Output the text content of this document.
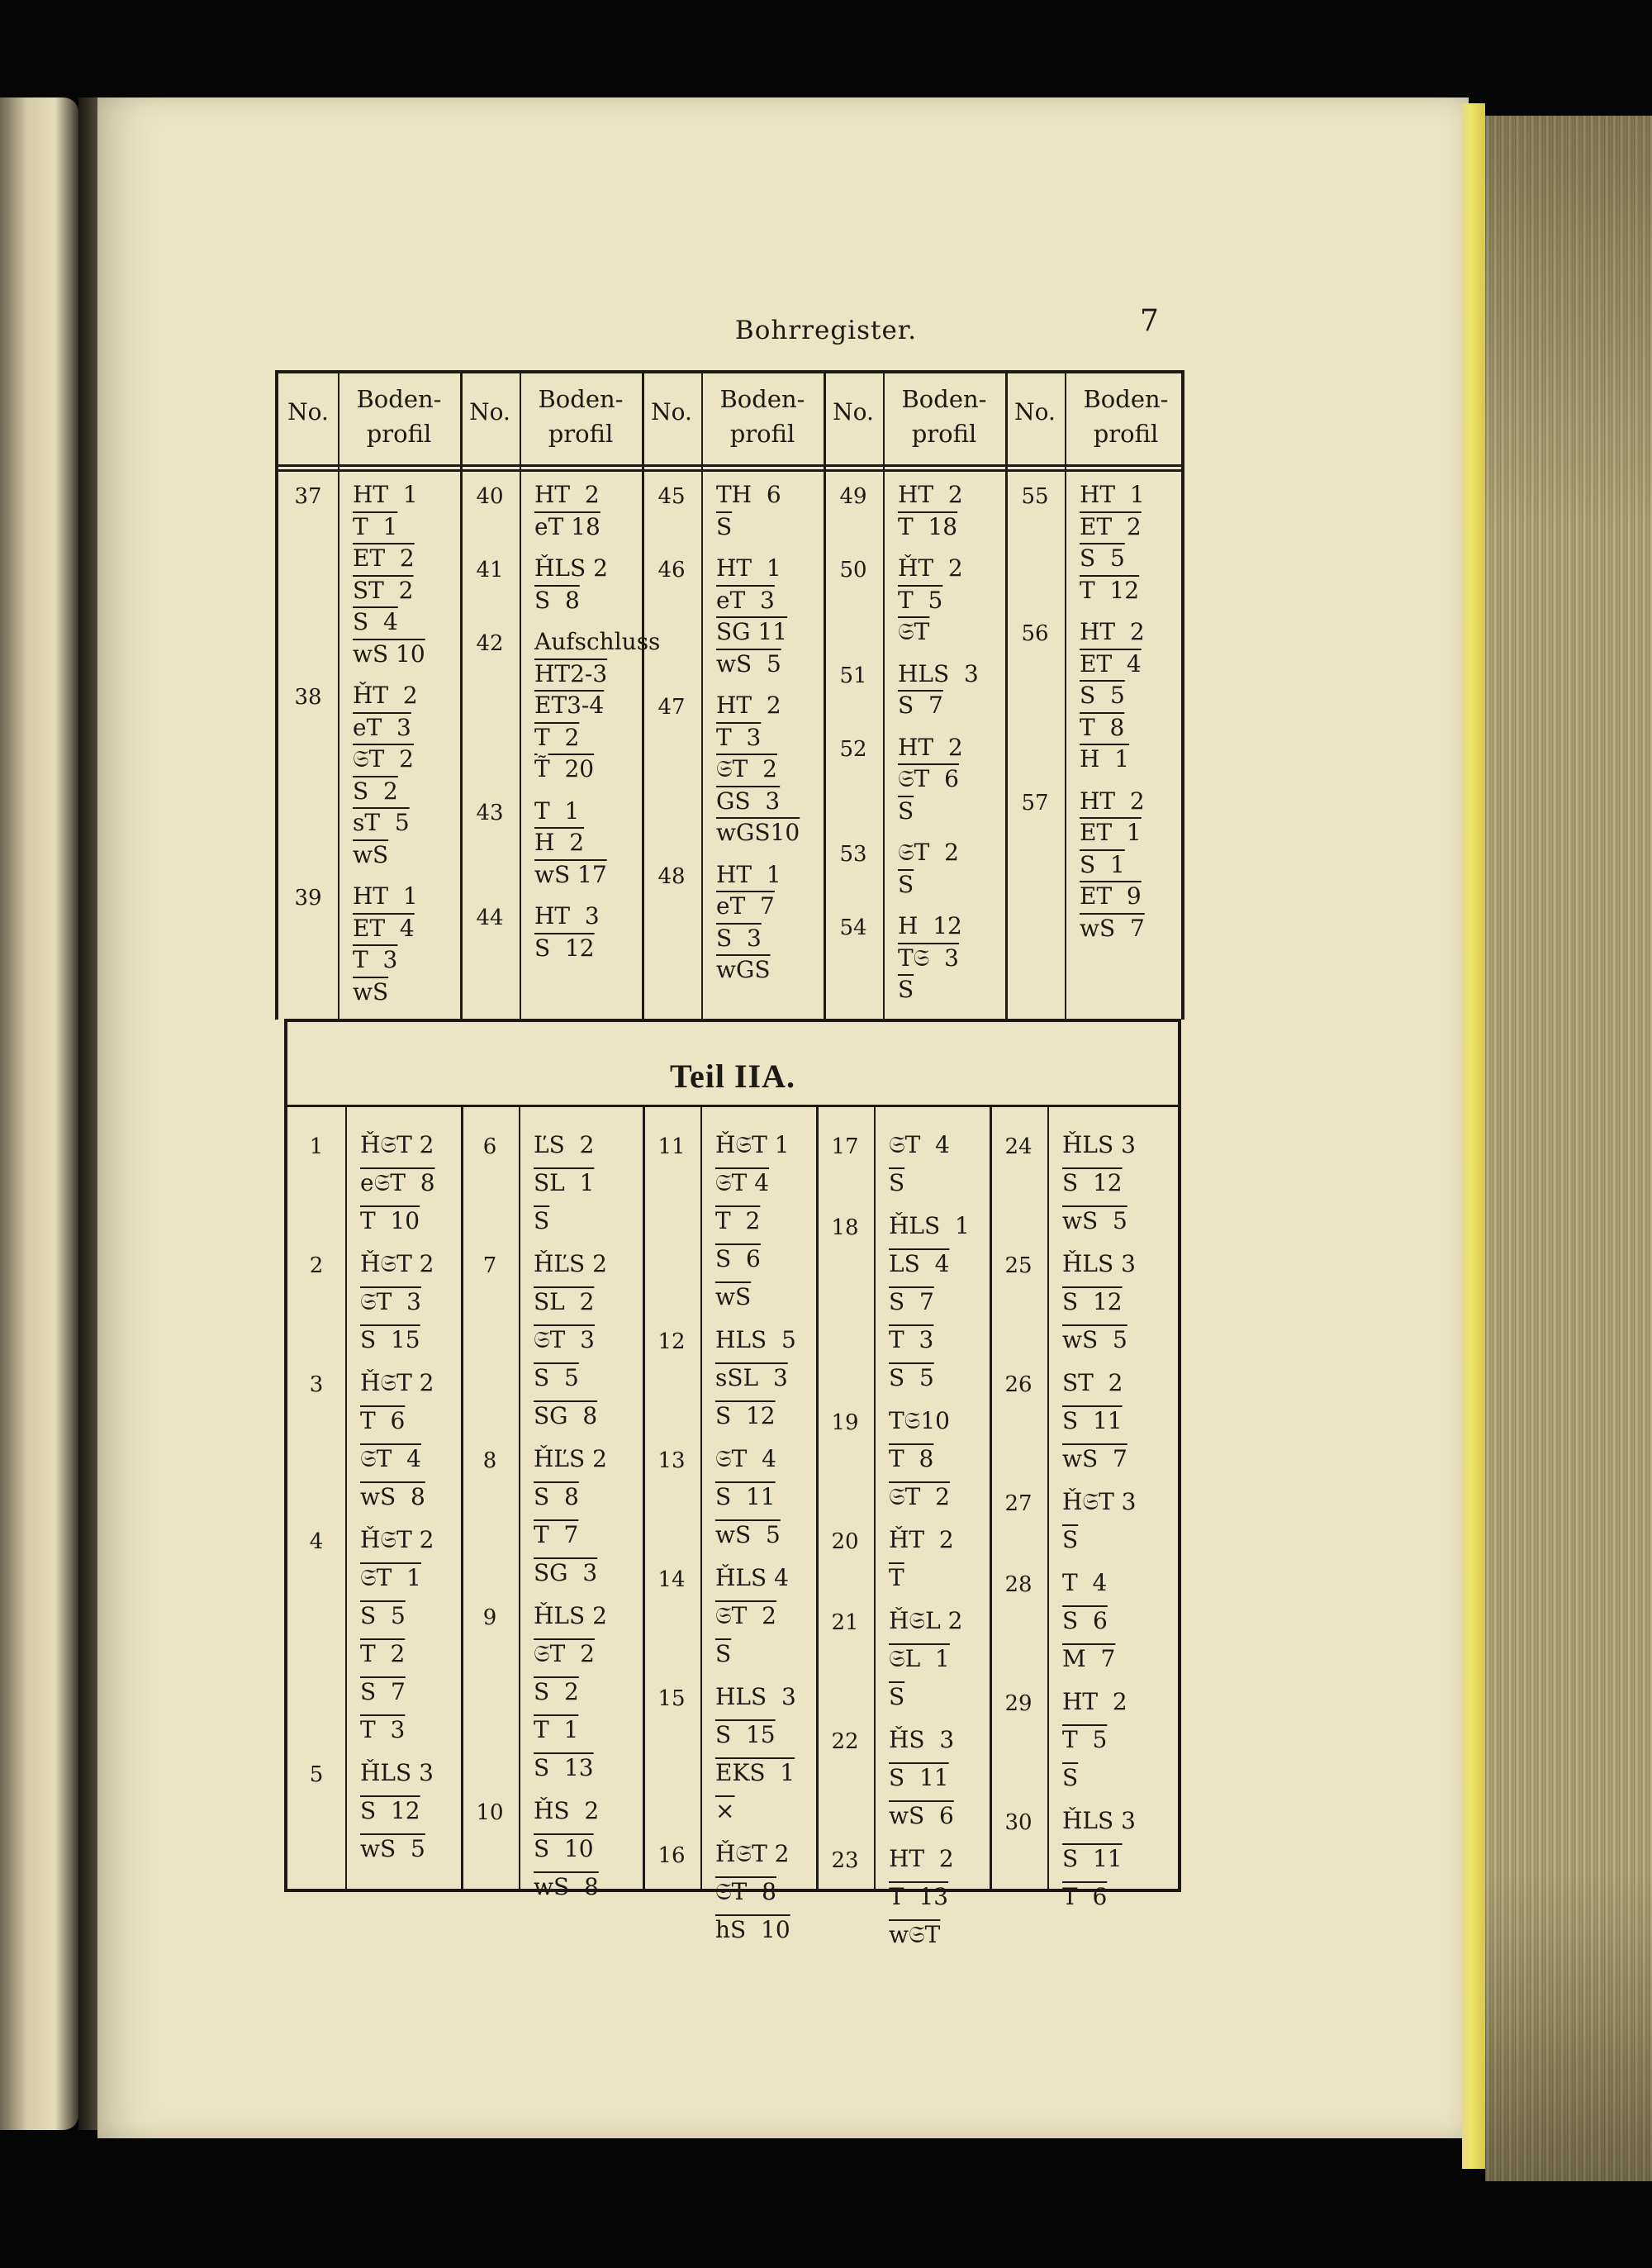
Bohrregister.	7
No.	Boden-
profil
No.	Boden-
profil
No.	Boden-
profil
No.	Boden-
profil
No.	Boden-
profil
37	HT  1
T  1
ET  2
ST  2
S  4
wS 10
38	ȞT  2
eT  3
𝔖T  2
S  2
sT  5
$\overline{wS}$
39	HT  1
ET  4
T  3
$\overline{wS}$
40	HT  2
eT 18
41	ȞLS 2
S  8
42	Aufschluss
HT2-3
ET3-4
T  2
T̃  20
43	T  1
H  2
wS 17
44	HT  3
S  12
45	TH  6
$\overline{S}$
46	HT  1
eT  3
SG 11
wS  5
47	HT  2
T  3
𝔖T  2
GS  3
wGS10
48	HT  1
eT  7
S  3
$\overline{wGS}$
49	HT  2
T  18
50	ȞT  2
T  5
𝔖T
51	HLS  3
S  7
52	HT  2
𝔖T  6
$\overline{S}$
53	𝔖T  2
$\overline{S}$
54	H  12
T𝔖  3
$\overline{S}$
55	HT  1
ET  2
S  5
T  12
56	HT  2
ET  4
S  5
T  8
H  1
57	HT  2
ET  1
S  1
ET  9
wS  7
Teil IIA.
1	Ȟ𝔖T 2
e𝔖T  8
T  10
2	Ȟ𝔖T 2
𝔖T  3
S  15
3	Ȟ𝔖T 2
T  6
𝔖T  4
wS  8
4	Ȟ𝔖T 2
𝔖T  1
S  5
T  2
S  7
T  3
5	ȞLS 3
S  12
wS  5
6	ĽS  2
SL  1
$\overline{S}$
7	ȞĽS 2
SL  2
𝔖T  3
S  5
SG  8
8	ȞĽS 2
S  8
T  7
SG  3
9	ȞLS 2
𝔖T  2
S  2
T  1
S  13
10	ȞS  2
S  10
wS  8
11	Ȟ𝔖T 1
𝔖T 4
T  2
S  6
$\overline{wS}$
12	HLS  5
sSL  3
S  12
13	𝔖T  4
S  11
wS  5
14	ȞLS 4
𝔖T  2
$\overline{S}$
15	HLS  3
S  15
EKS  1
×
16	Ȟ𝔖T 2
𝔖T  8
hS  10
17	𝔖T  4
$\overline{S}$
18	ȞLS  1
LS  4
S  7
T  3
S  5
19	T𝔖10
T  8
𝔖T  2
20	ȞT  2
$\overline{T}$
21	Ȟ𝔖L 2
𝔖L  1
$\overline{S}$
22	ȞS  3
S  11
wS  6
23	HT  2
T  13
w𝔖T
24	ȞLS 3
S  12
wS  5
25	ȞLS 3
S  12
wS  5
26	ST  2
S  11
wS  7
27	Ȟ𝔖T 3
$\overline{S}$
28	T  4
S  6
M  7
29	HT  2
T  5
$\overline{S}$
30	ȞLS 3
S  11
T  6
